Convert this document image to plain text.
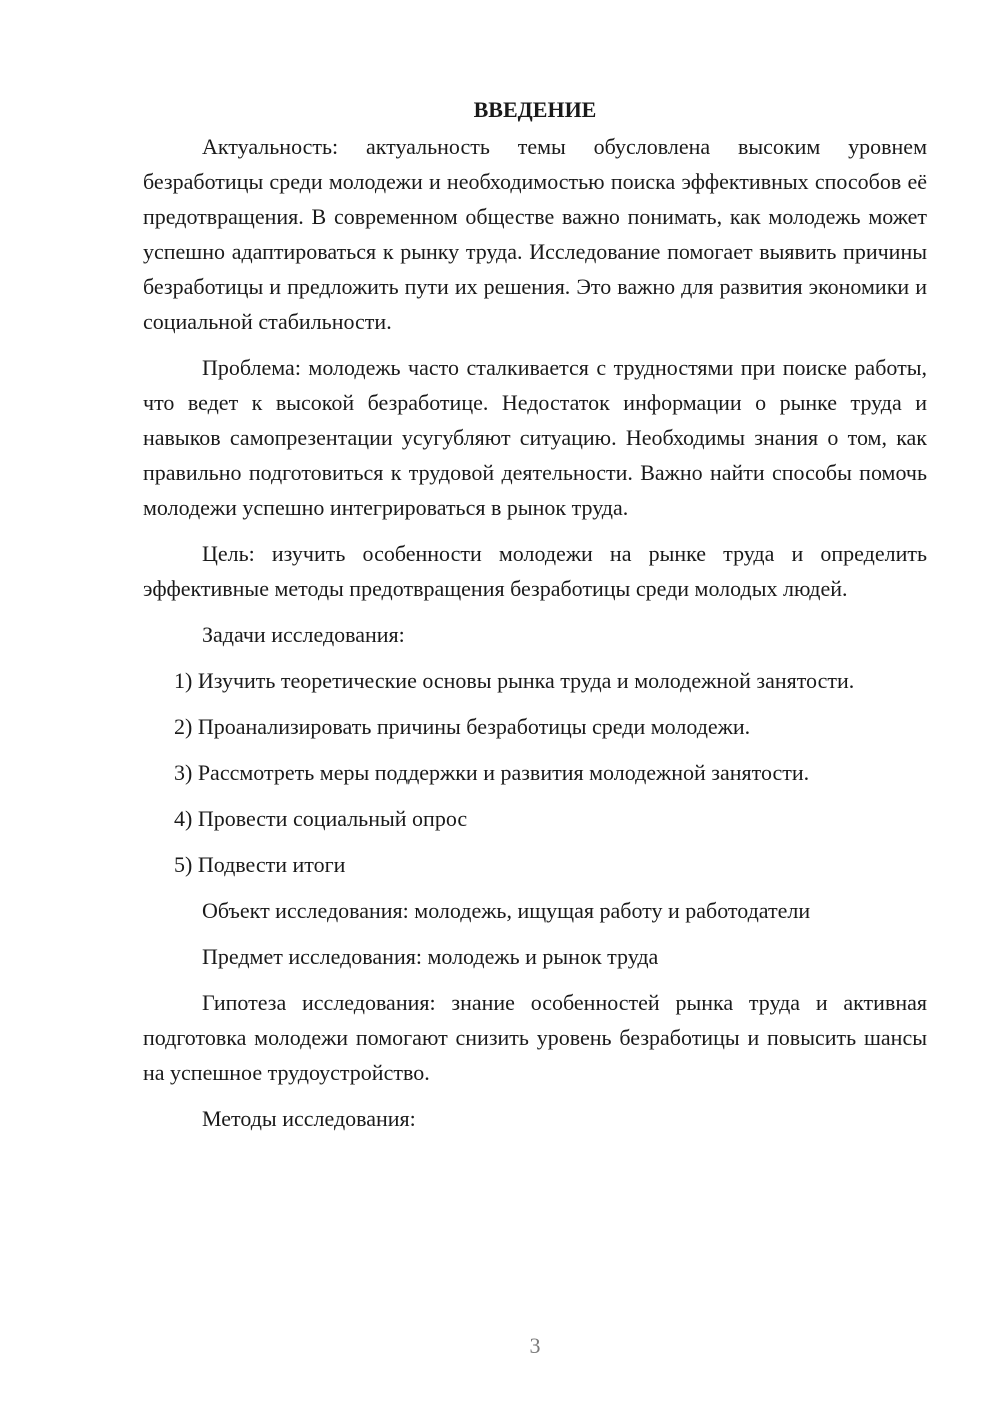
ВВЕДЕНИЕ

Актуальность: актуальность темы обусловлена высоким уровнем безработицы среди молодежи и необходимостью поиска эффективных способов её предотвращения. В современном обществе важно понимать, как молодежь может успешно адаптироваться к рынку труда. Исследование помогает выявить причины безработицы и предложить пути их решения. Это важно для развития экономики и социальной стабильности.

Проблема: молодежь часто сталкивается с трудностями при поиске работы, что ведет к высокой безработице. Недостаток информации о рынке труда и навыков самопрезентации усугубляют ситуацию. Необходимы знания о том, как правильно подготовиться к трудовой деятельности. Важно найти способы помочь молодежи успешно интегрироваться в рынок труда.

Цель: изучить особенности молодежи на рынке труда и определить эффективные методы предотвращения безработицы среди молодых людей.

Задачи исследования:

1) Изучить теоретические основы рынка труда и молодежной занятости.

2) Проанализировать причины безработицы среди молодежи.

3) Рассмотреть меры поддержки и развития молодежной занятости.

4) Провести социальный опрос

5) Подвести итоги

Объект исследования: молодежь, ищущая работу и работодатели

Предмет исследования: молодежь и рынок труда

Гипотеза исследования: знание особенностей рынка труда и активная подготовка молодежи помогают снизить уровень безработицы и повысить шансы на успешное трудоустройство.

Методы исследования:

3
